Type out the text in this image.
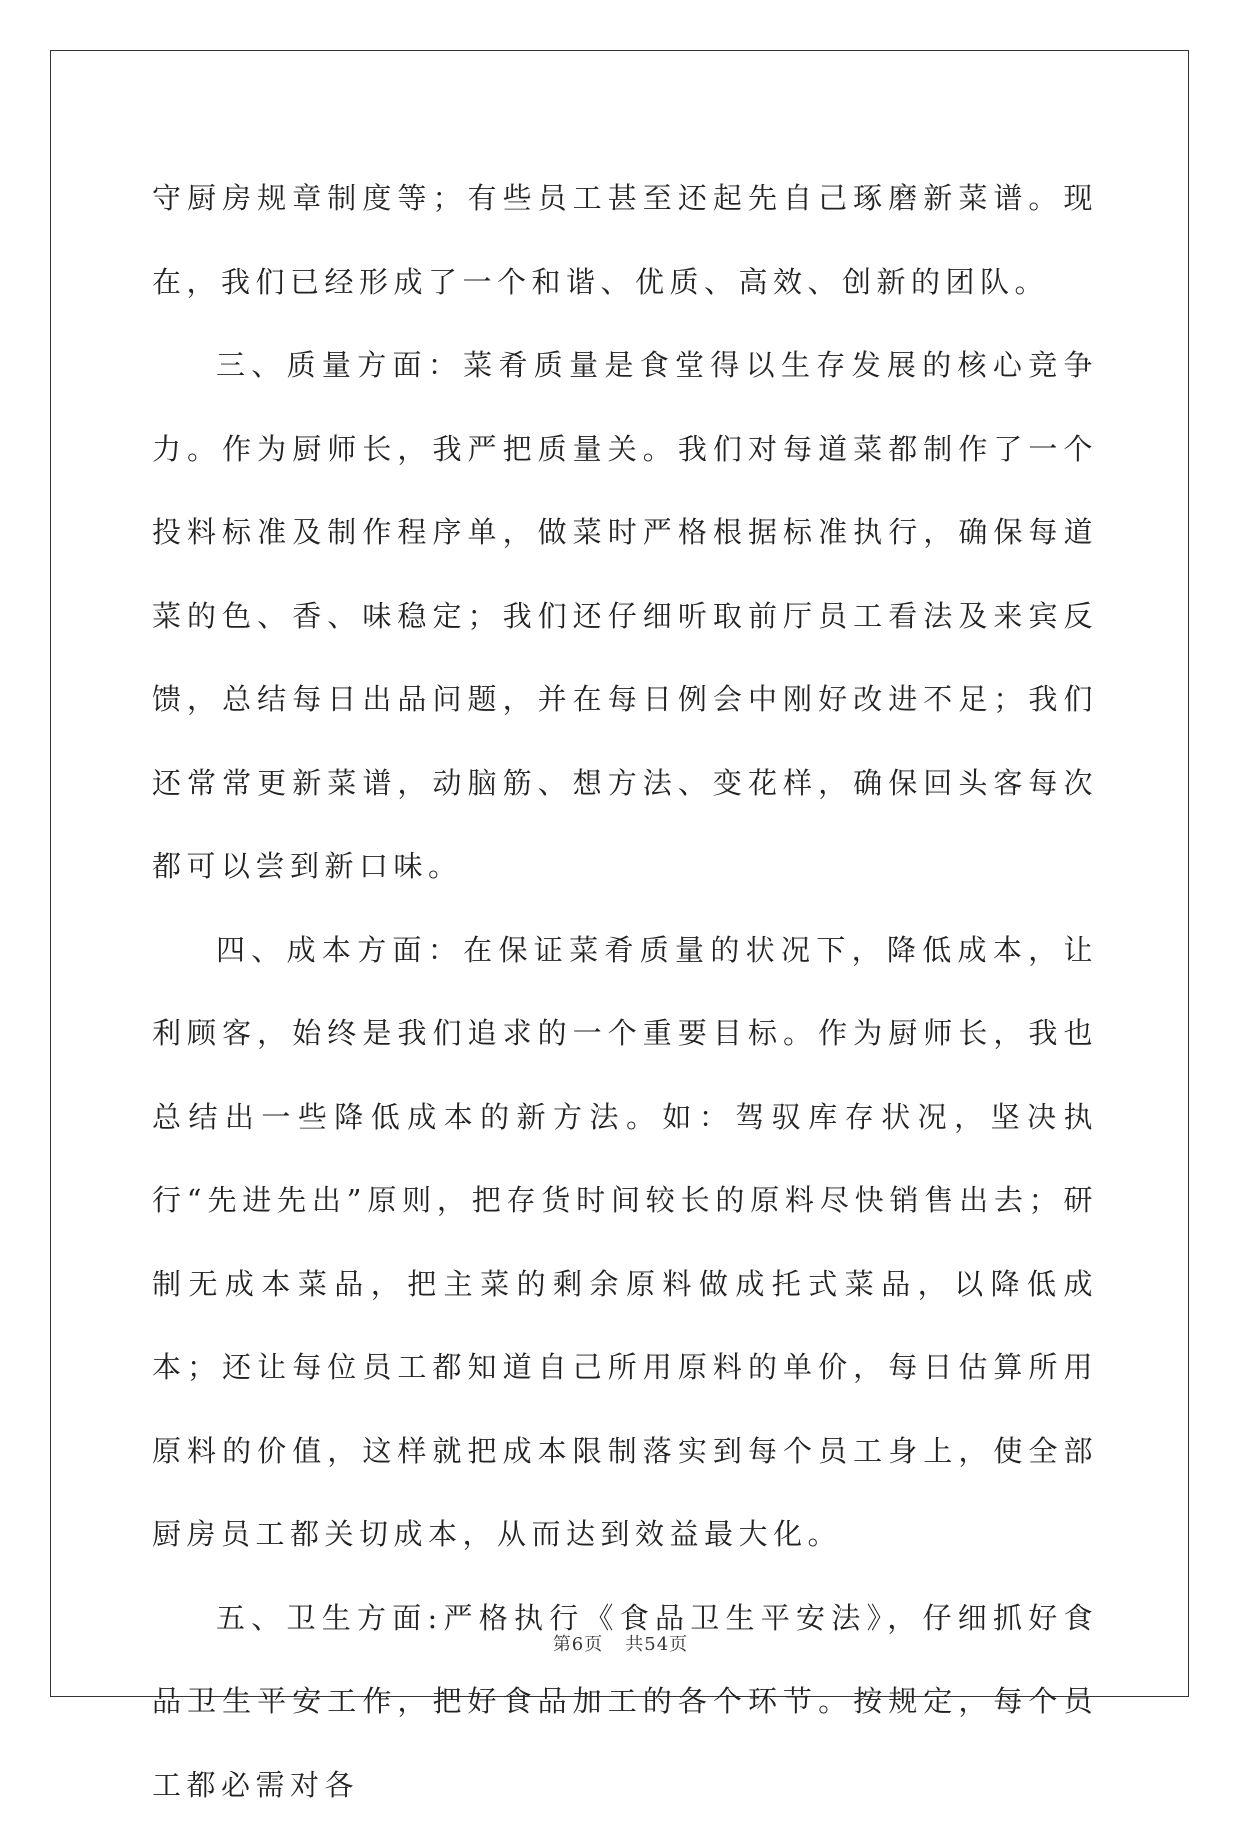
守厨房规章制度等；有些员工甚至还起先自己琢磨新菜谱。现在，我们已经形成了一个和谐、优质、高效、创新的团队。

三、质量方面：菜肴质量是食堂得以生存发展的核心竞争力。作为厨师长，我严把质量关。我们对每道菜都制作了一个投料标准及制作程序单，做菜时严格根据标准执行，确保每道菜的色、香、味稳定；我们还仔细听取前厅员工看法及来宾反馈，总结每日出品问题，并在每日例会中刚好改进不足；我们还常常更新菜谱，动脑筋、想方法、变花样，确保回头客每次都可以尝到新口味。

四、成本方面：在保证菜肴质量的状况下，降低成本，让利顾客，始终是我们追求的一个重要目标。作为厨师长，我也总结出一些降低成本的新方法。如：驾驭库存状况，坚决执行“先进先出”原则，把存货时间较长的原料尽快销售出去；研制无成本菜品，把主菜的剩余原料做成托式菜品，以降低成本；还让每位员工都知道自己所用原料的单价，每日估算所用原料的价值，这样就把成本限制落实到每个员工身上，使全部厨房员工都关切成本，从而达到效益最大化。

五、卫生方面:严格执行《食品卫生平安法》，仔细抓好食品卫生平安工作，把好食品加工的各个环节。按规定，每个员工都必需对各

第6页 共54页
